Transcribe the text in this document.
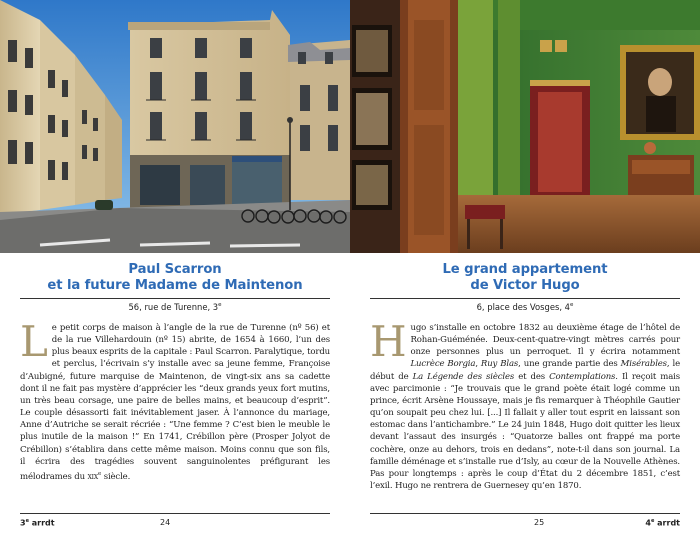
Paul Scarron
et la future Madame de Maintenon
56, rue de Turenne, 3e
Le petit corps de maison à l’angle de la rue de Turenne (nº 56) et de la rue Villehardouin (nº 15) abrite, de 1654 à 1660, l’un des plus beaux esprits de la capitale : Paul Scarron. Paralytique, tordu et perclus, l’écrivain s’y installe avec sa jeune femme, Françoise d’Aubigné, future marquise de Maintenon, de vingt-six ans sa cadette dont il ne fait pas mystère d’apprécier les “deux grands yeux fort mutins, un très beau corsage, une paire de belles mains, et beaucoup d’esprit”. Le couple désassorti fait inévitablement jaser. À l’annonce du mariage, Anne d’Autriche se serait récriée : “Une femme ? C’est bien le meuble le plus inutile de la maison !” En 1741, Crébillon père (Prosper Jolyot de Crébillon) s’établira dans cette même maison. Moins connu que son fils, il écrira des tragédies souvent sanguinolentes préfigurant les mélodrames du xix$^e$ siècle.
3e arrdt	24
Le grand appartement
de Victor Hugo
6, place des Vosges, 4e
Hugo s’installe en octobre 1832 au deuxième étage de l’hôtel de Rohan-Guéménée. Deux-cent-quatre-vingt mètres carrés pour onze personnes plus un perroquet. Il y écrira notamment Lucrèce Borgia, Ruy Blas, une grande partie des Misérables, le début de La Légende des siècles et des Contemplations. Il reçoit mais avec parcimonie : “Je trouvais que le grand poète était logé comme un prince, écrit Arsène Houssaye, mais je fis remarquer à Théophile Gautier qu’on soupait peu chez lui. [...] Il fallait y aller tout esprit en laissant son estomac dans l’antichambre.” Le 24 juin 1848, Hugo doit quitter les lieux devant l’assaut des insurgés : “Quatorze balles ont frappé ma porte cochère, onze au dehors, trois en dedans”, note-t-il dans son journal. La famille déménage et s’installe rue d’Isly, au cœur de la Nouvelle Athènes. Pas pour longtemps : après le coup d’État du 2 décembre 1851, c’est l’exil. Hugo ne rentrera de Guernesey qu’en 1870.
25	4e arrdt
